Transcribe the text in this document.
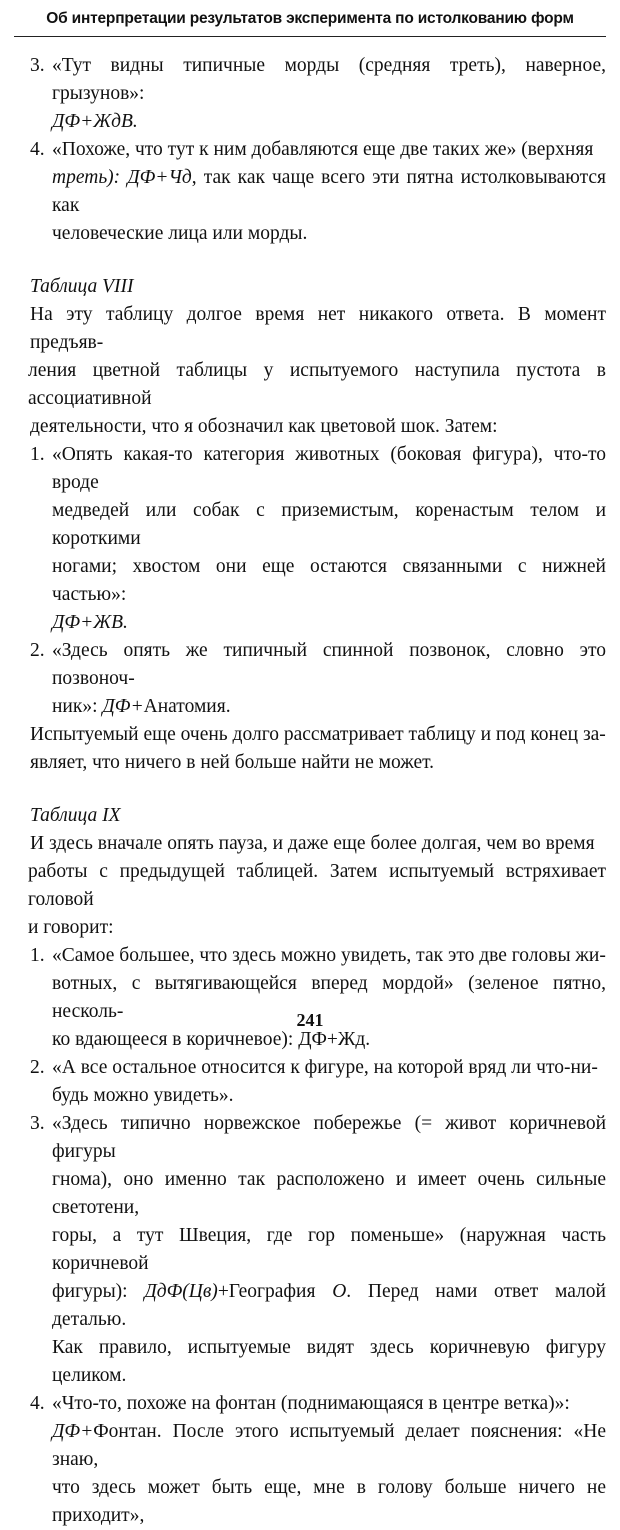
Об интерпретации результатов эксперимента по истолкованию форм
3. «Тут видны типичные морды (средняя треть), наверное, грызунов»:
ДФ+ЖдВ.
4. «Похоже, что тут к ним добавляются еще две таких же» (верхняя
треть): ДФ+Чд, так как чаще всего эти пятна истолковываются как
человеческие лица или морды.

Таблица VIII

На эту таблицу долгое время нет никакого ответа. В момент предъяв-

ления цветной таблицы у испытуемого наступила пустота в ассоциативной

деятельности, что я обозначил как цветовой шок. Затем:

1. «Опять какая-то категория животных (боковая фигура), что-то вроде
медведей или собак с приземистым, коренастым телом и короткими
ногами; хвостом они еще остаются связанными с нижней частью»:
ДФ+ЖВ.
2. «Здесь опять же типичный спинной позвонок, словно это позвоноч-
ник»: ДФ+Анатомия.

Испытуемый еще очень долго рассматривает таблицу и под конец за-

являет, что ничего в ней больше найти не может.

Таблица IX

И здесь вначале опять пауза, и даже еще более долгая, чем во время

работы с предыдущей таблицей. Затем испытуемый встряхивает головой

и говорит:

1. «Самое большее, что здесь можно увидеть, так это две головы жи-
вотных, с вытягивающейся вперед мордой» (зеленое пятно, несколь-
ко вдающееся в коричневое): ДФ+Жд.
2. «А все остальное относится к фигуре, на которой вряд ли что-ни-
будь можно увидеть».
3. «Здесь типично норвежское побережье (= живот коричневой фигуры
гнома), оно именно так расположено и имеет очень сильные светотени,
горы, а тут Швеция, где гор поменьше» (наружная часть коричневой
фигуры): ДдФ(Цв)+География О. Перед нами ответ малой деталью.
Как правило, испытуемые видят здесь коричневую фигуру целиком.
4. «Что-то, похоже на фонтан (поднимающаяся в центре ветка)»:
ДФ+Фонтан. После этого испытуемый делает пояснения: «Не знаю,
что здесь может быть еще, мне в голову больше ничего не приходит»,
241
